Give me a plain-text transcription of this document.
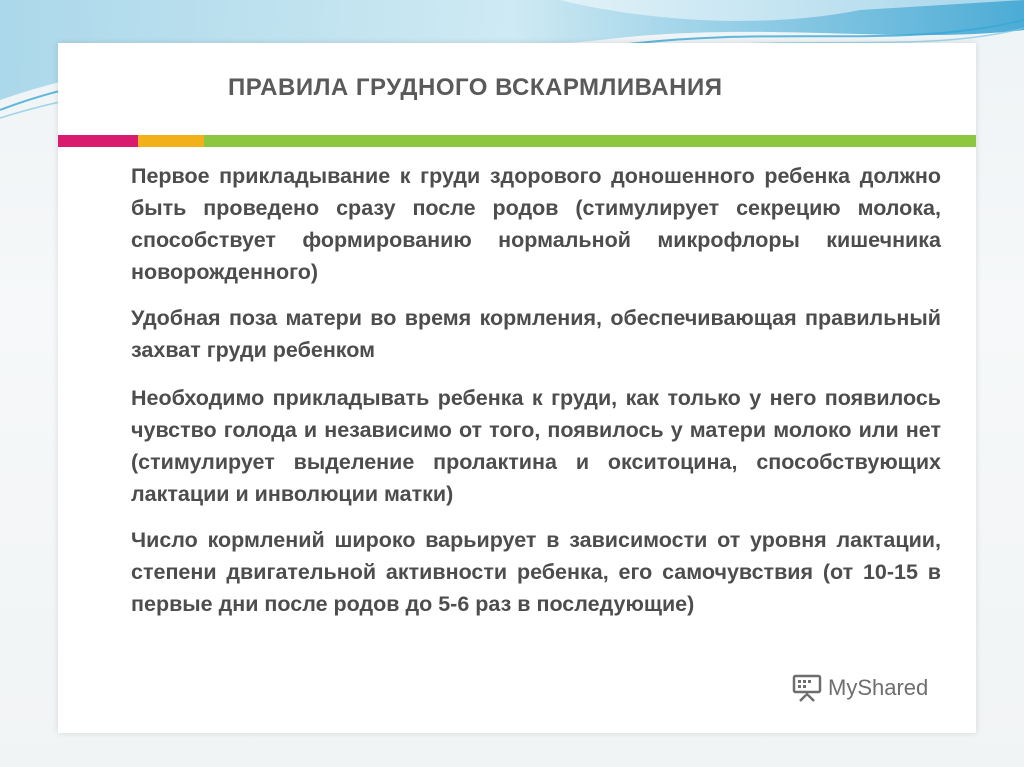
ПРАВИЛА ГРУДНОГО ВСКАРМЛИВАНИЯ

Первое прикладывание к груди здорового доношенного ребенка должно быть проведено сразу после родов (стимулирует секрецию молока, способствует формированию нормальной микрофлоры кишечника новорожденного)

Удобная поза матери во время кормления, обеспечивающая правильный захват груди ребенком

Необходимо прикладывать ребенка к груди, как только у него появилось чувство голода и независимо от того, появилось у матери молоко или нет (стимулирует выделение пролактина и окситоцина, способствующих лактации и инволюции матки)

Число кормлений широко варьирует в зависимости от уровня лактации, степени двигательной активности ребенка, его самочувствия (от 10-15 в первые дни после родов до 5-6 раз в последующие)

MyShared
